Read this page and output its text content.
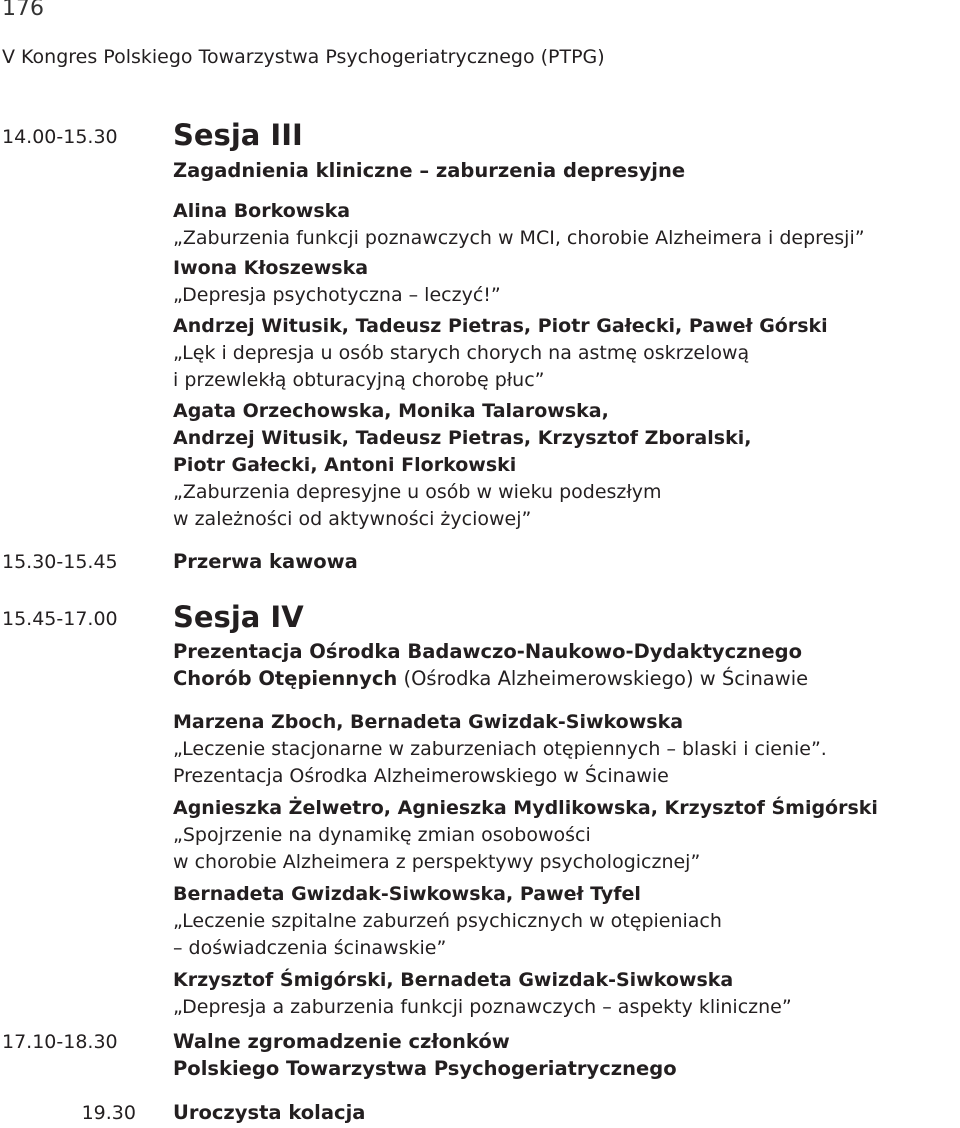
176
V Kongres Polskiego Towarzystwa Psychogeriatrycznego (PTPG)
14.00-15.30	Sesja III
Zagadnienia kliniczne – zaburzenia depresyjne
Alina Borkowska
„Zaburzenia funkcji poznawczych w MCI, chorobie Alzheimera i depresji”
Iwona Kłoszewska
„Depresja psychotyczna – leczyć!”
Andrzej Witusik, Tadeusz Pietras, Piotr Gałecki, Paweł Górski
„Lęk i depresja u osób starych chorych na astmę oskrzelową
i przewlekłą obturacyjną chorobę płuc”
Agata Orzechowska, Monika Talarowska,
Andrzej Witusik, Tadeusz Pietras, Krzysztof Zboralski,
Piotr Gałecki, Antoni Florkowski
„Zaburzenia depresyjne u osób w wieku podeszłym
w zależności od aktywności życiowej”
15.30-15.45	Przerwa kawowa
15.45-17.00	Sesja IV
Prezentacja Ośrodka Badawczo-Naukowo-Dydaktycznego
Chorób Otępiennych (Ośrodka Alzheimerowskiego) w Ścinawie
Marzena Zboch, Bernadeta Gwizdak-Siwkowska
„Leczenie stacjonarne w zaburzeniach otępiennych – blaski i cienie”.
Prezentacja Ośrodka Alzheimerowskiego w Ścinawie
Agnieszka Żelwetro, Agnieszka Mydlikowska, Krzysztof Śmigórski
„Spojrzenie na dynamikę zmian osobowości
w chorobie Alzheimera z perspektywy psychologicznej”
Bernadeta Gwizdak-Siwkowska, Paweł Tyfel
„Leczenie szpitalne zaburzeń psychicznych w otępieniach
– doświadczenia ścinawskie”
Krzysztof Śmigórski, Bernadeta Gwizdak-Siwkowska
„Depresja a zaburzenia funkcji poznawczych – aspekty kliniczne”
17.10-18.30	Walne zgromadzenie członków
Polskiego Towarzystwa Psychogeriatrycznego
19.30 Uroczysta kolacja
